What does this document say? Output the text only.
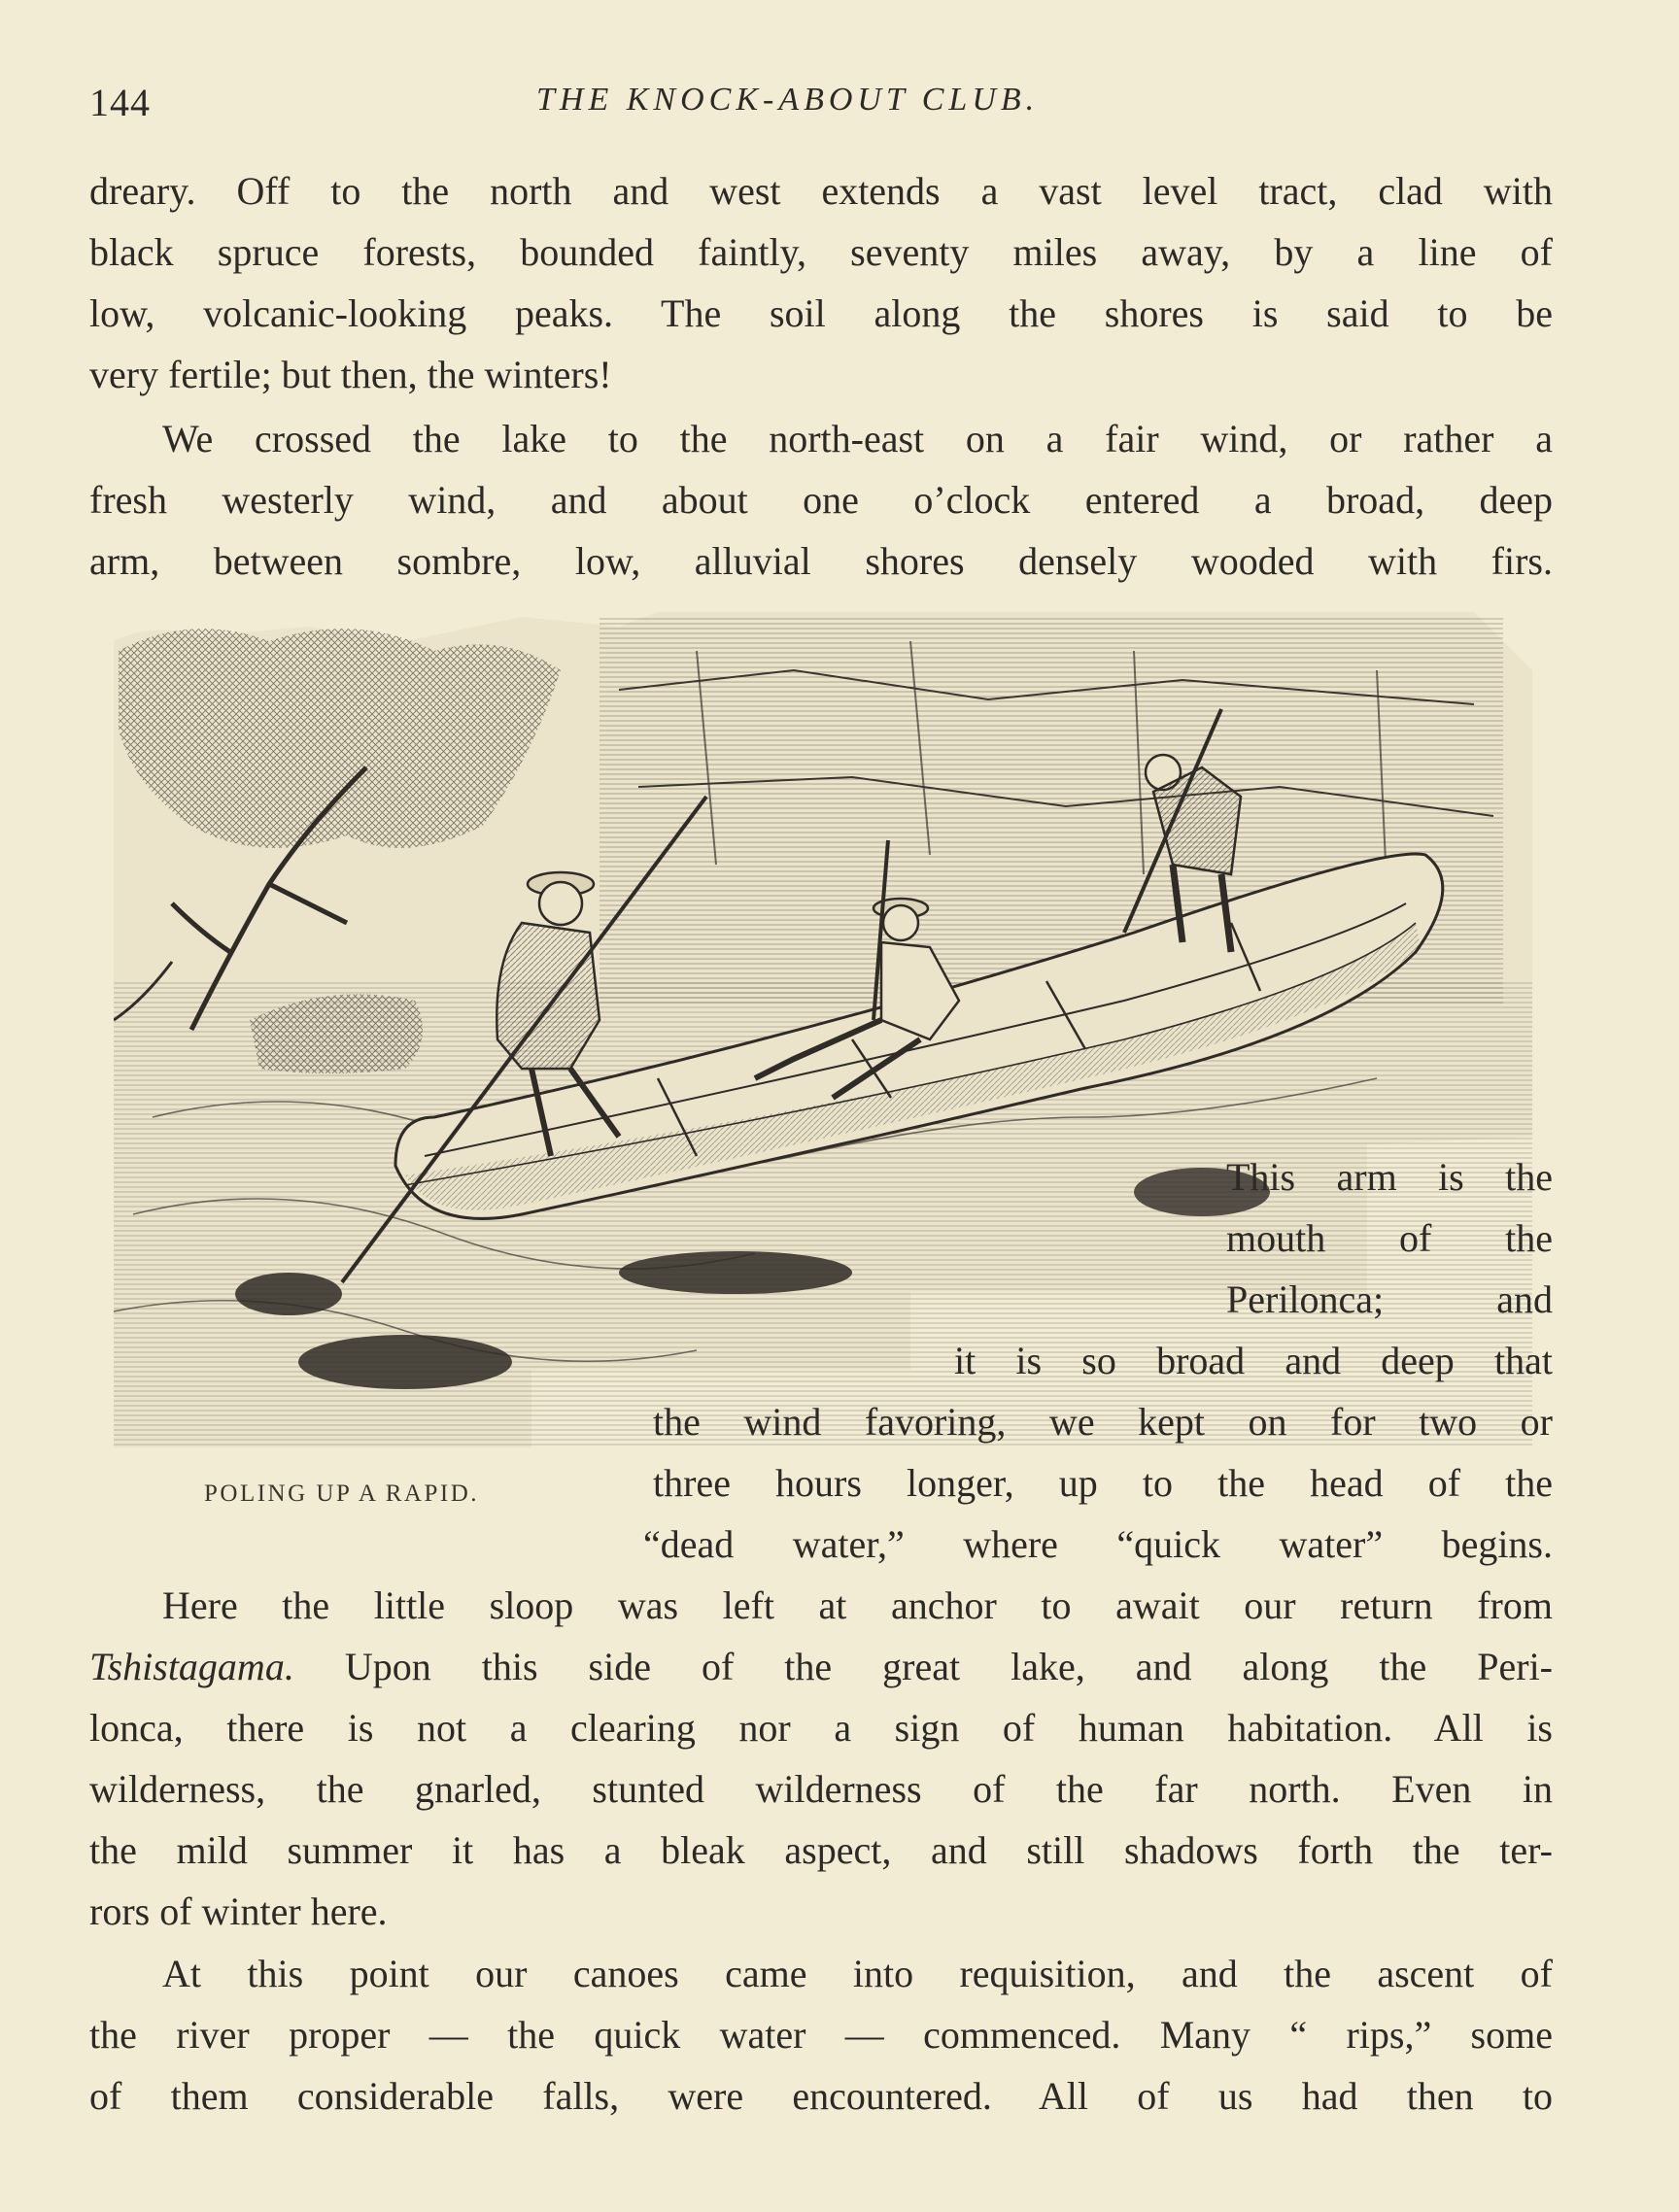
144	THE KNOCK-ABOUT CLUB.
dreary. Off to the north and west extends a vast level tract, clad with
black spruce forests, bounded faintly, seventy miles away, by a line of
low, volcanic-looking peaks. The soil along the shores is said to be
very fertile; but then, the winters!
We crossed the lake to the north-east on a fair wind, or rather a
fresh westerly wind, and about one o’clock entered a broad, deep
arm, between sombre, low, alluvial shores densely wooded with firs.
This arm is the
mouth of the
Perilonca; and
it is so broad and deep that
the wind favoring, we kept on for two or
three hours longer, up to the head of the
“dead water,” where “quick water” begins.
POLING UP A RAPID.
Here the little sloop was left at anchor to await our return from
Tshistagama. Upon this side of the great lake, and along the Peri-
lonca, there is not a clearing nor a sign of human habitation. All is
wilderness, the gnarled, stunted wilderness of the far north. Even in
the mild summer it has a bleak aspect, and still shadows forth the ter-
rors of winter here.
At this point our canoes came into requisition, and the ascent of
the river proper — the quick water — commenced. Many “ rips,” some
of them considerable falls, were encountered. All of us had then to
